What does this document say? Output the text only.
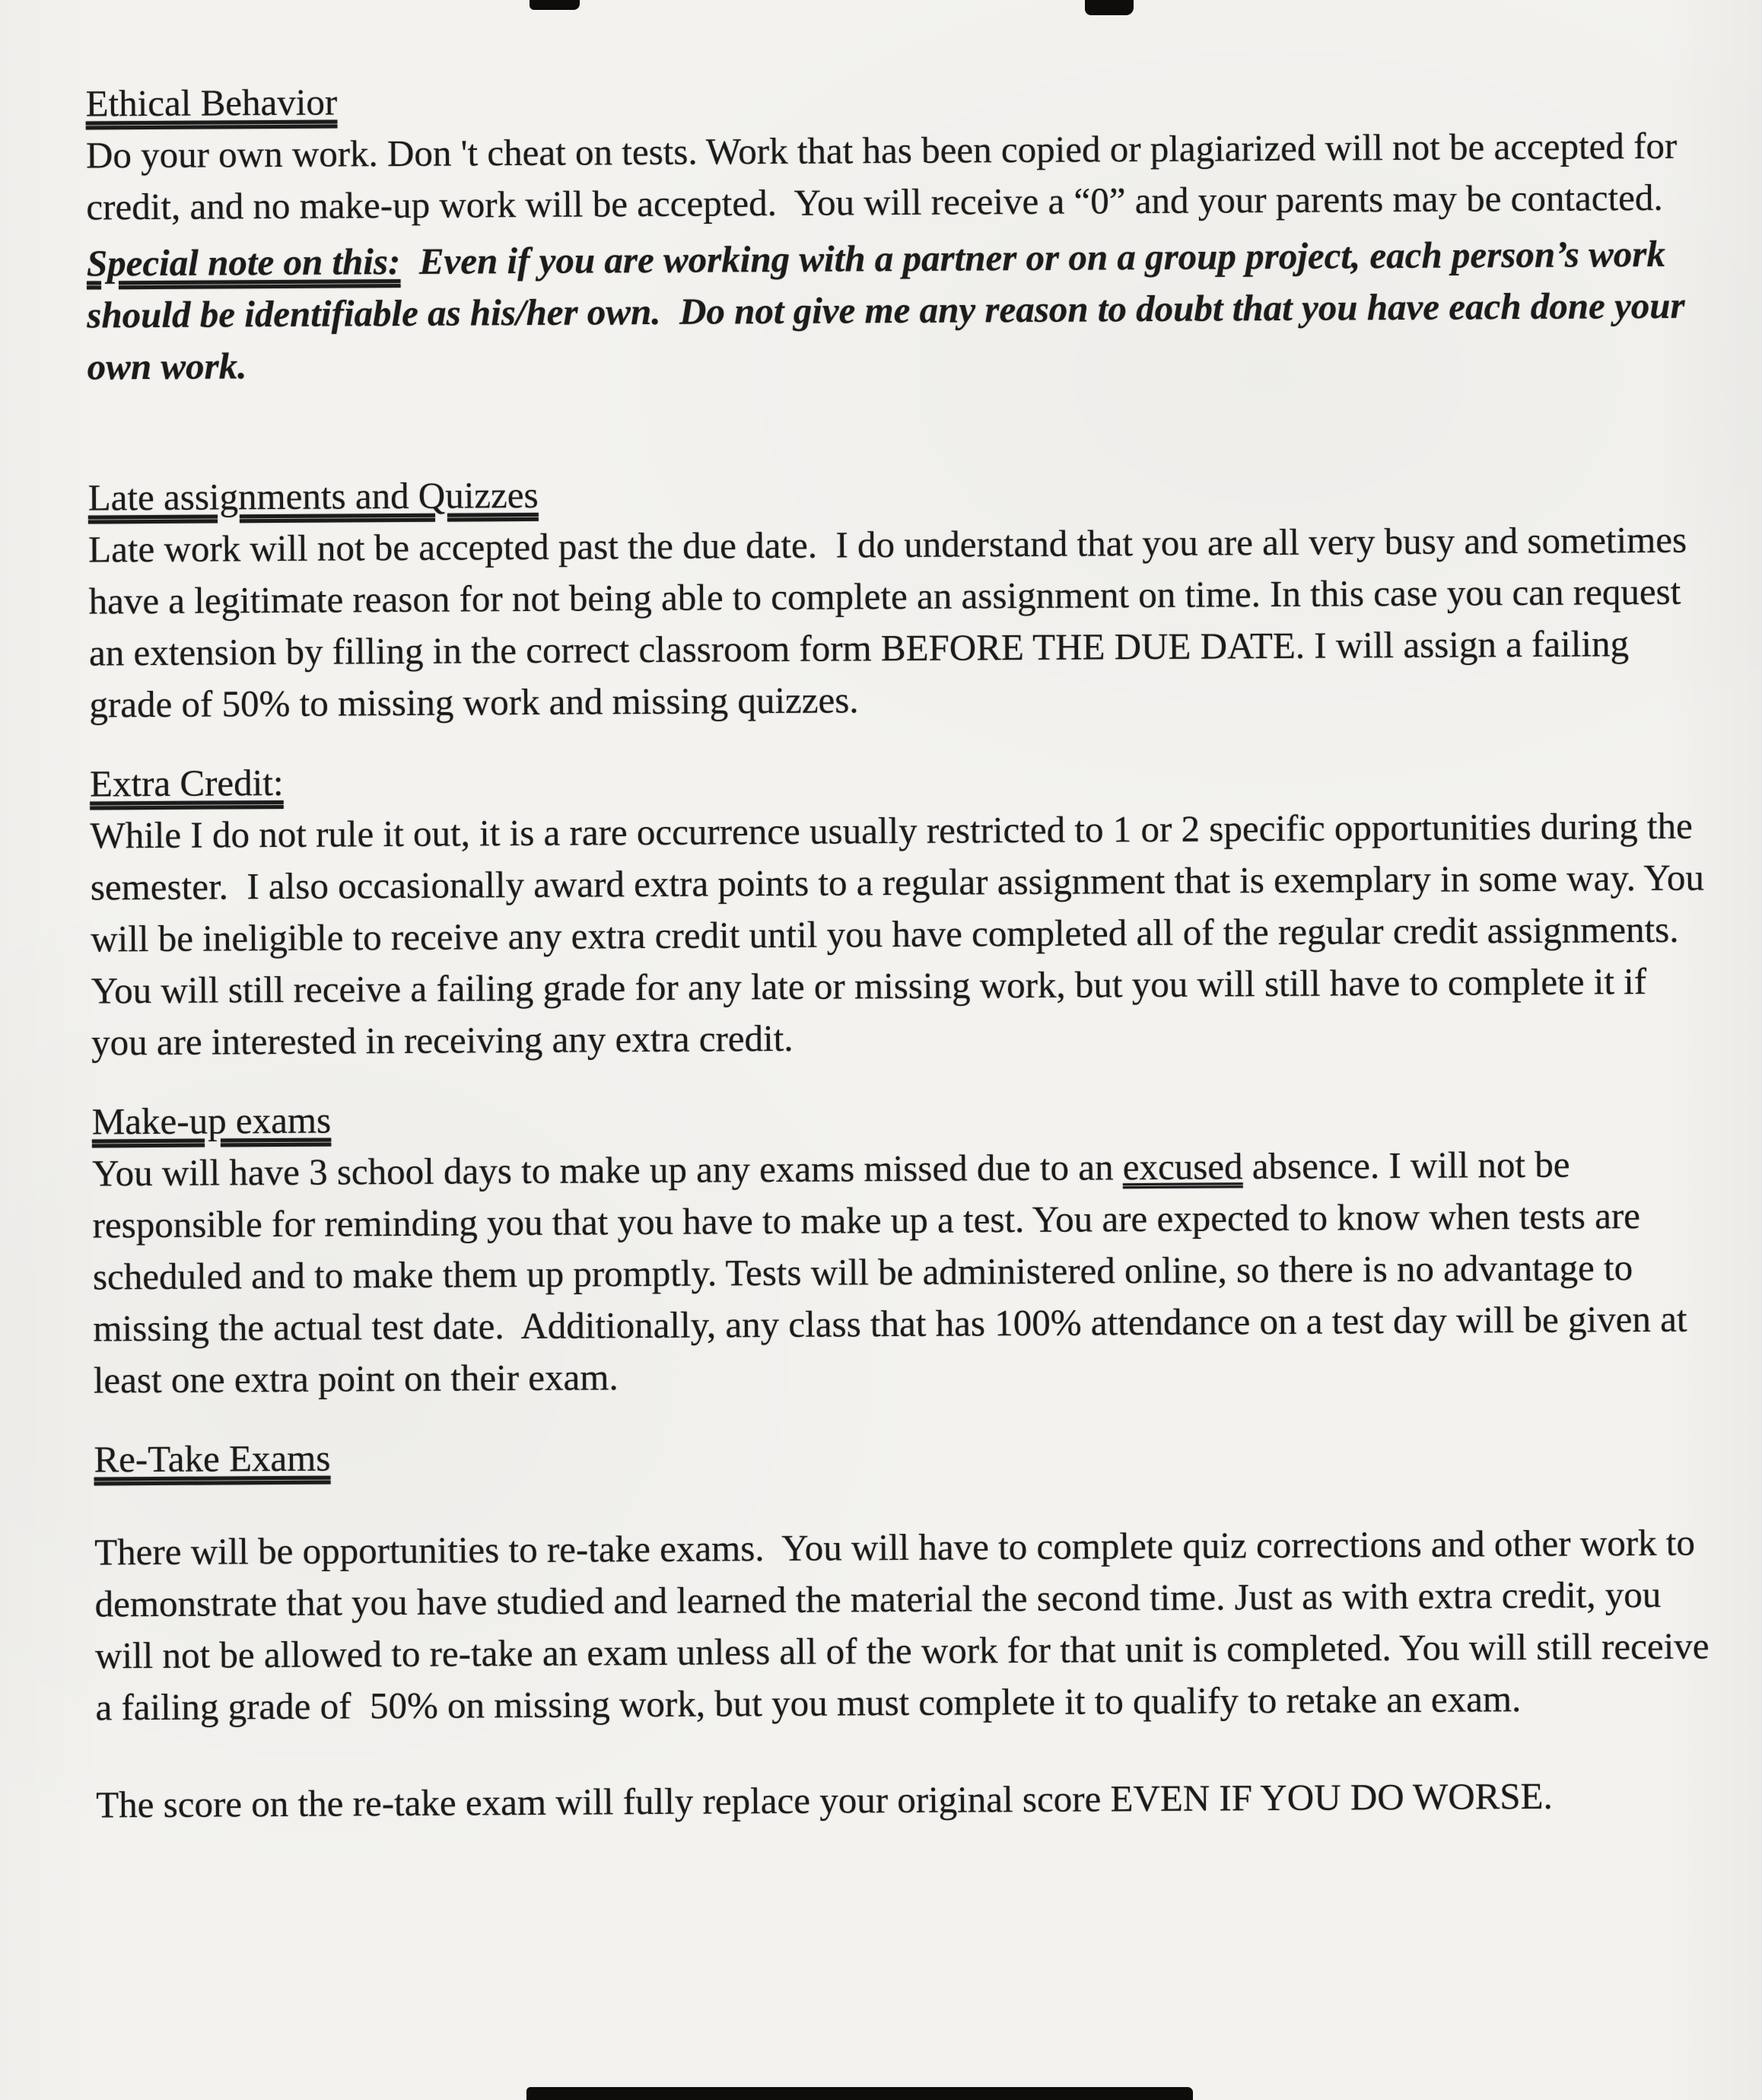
Ethical Behavior

Do your own work. Don 't cheat on tests. Work that has been copied or plagiarized will not be accepted for credit, and no make-up work will be accepted.  You will receive a “0” and your parents may be contacted.

Special note on this:  Even if you are working with a partner or on a group project, each person’s work should be identifiable as his/her own.  Do not give me any reason to doubt that you have each done your own work.

Late assignments and Quizzes

Late work will not be accepted past the due date.  I do understand that you are all very busy and sometimes have a legitimate reason for not being able to complete an assignment on time. In this case you can request an extension by filling in the correct classroom form BEFORE THE DUE DATE. I will assign a failing grade of 50% to missing work and missing quizzes.

Extra Credit:

While I do not rule it out, it is a rare occurrence usually restricted to 1 or 2 specific opportunities during the semester.  I also occasionally award extra points to a regular assignment that is exemplary in some way. You will be ineligible to receive any extra credit until you have completed all of the regular credit assignments.  You will still receive a failing grade for any late or missing work, but you will still have to complete it if you are interested in receiving any extra credit.

Make-up exams

You will have 3 school days to make up any exams missed due to an excused absence. I will not be responsible for reminding you that you have to make up a test. You are expected to know when tests are scheduled and to make them up promptly. Tests will be administered online, so there is no advantage to missing the actual test date.  Additionally, any class that has 100% attendance on a test day will be given at least one extra point on their exam.

Re-Take Exams

There will be opportunities to re-take exams.  You will have to complete quiz corrections and other work to demonstrate that you have studied and learned the material the second time. Just as with extra credit, you will not be allowed to re-take an exam unless all of the work for that unit is completed. You will still receive a failing grade of  50% on missing work, but you must complete it to qualify to retake an exam.

The score on the re-take exam will fully replace your original score EVEN IF YOU DO WORSE.
